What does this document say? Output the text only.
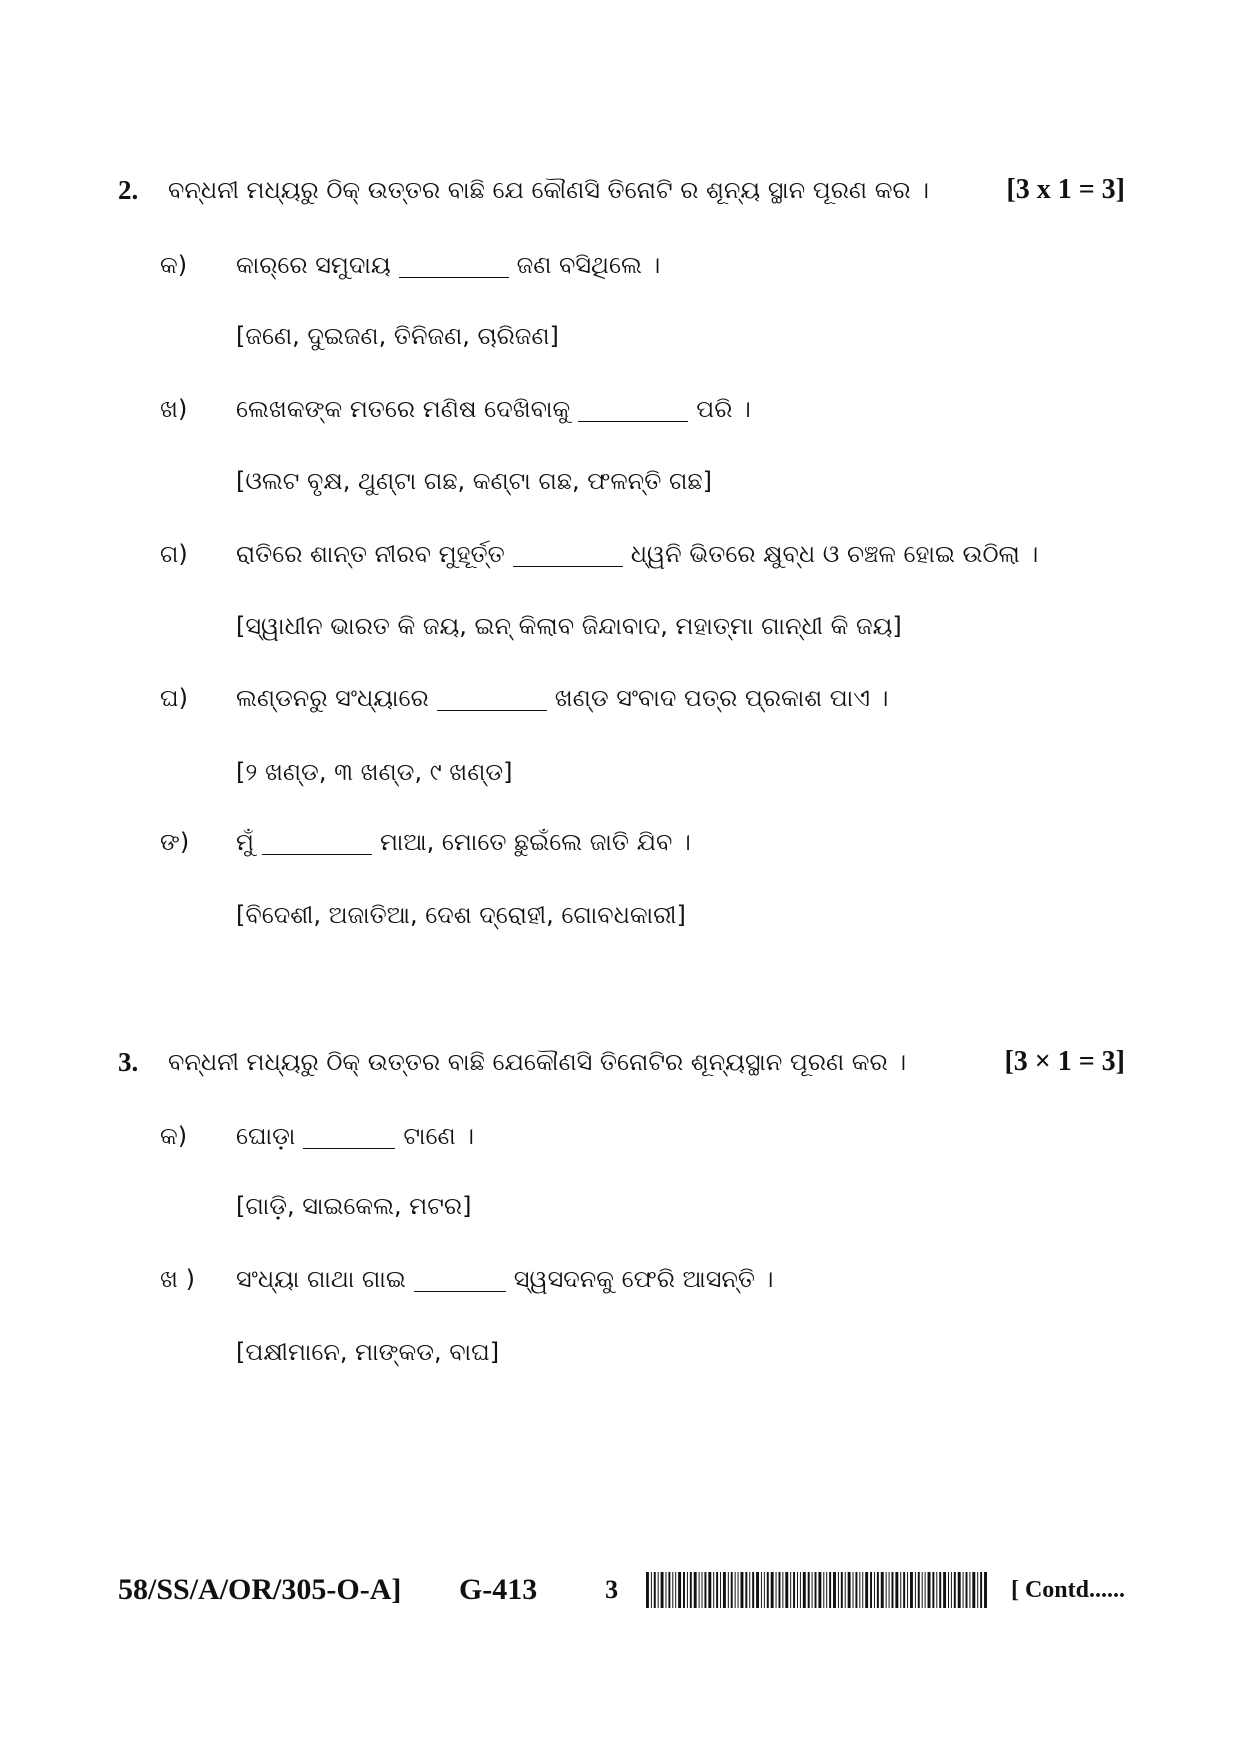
2.	ବନ୍ଧନୀ ମଧ୍ୟରୁ ଠିକ୍ ଉତ୍ତର ବାଛି ଯେ କୌଣସି ତିନୋଟି ର ଶୂନ୍ୟ ସ୍ଥାନ ପୂରଣ କର ।	[3 x 1 = 3]
କ)	କାର୍‌ରେ ସମୁଦାୟ	ଜଣ ବସିଥିଲେ ।
[ଜଣେ, ଦୁଇଜଣ, ତିନିଜଣ, ଚାରିଜଣ]
ଖ)	ଲେଖକଙ୍କ ମତରେ ମଣିଷ ଦେଖିବାକୁ	ପରି ।
[ଓଲଟ ବୃକ୍ଷ, ଥୁଣ୍ଟା ଗଛ, କଣ୍ଟା ଗଛ, ଫଳନ୍ତି ଗଛ]
ଗ)	ରାତିରେ ଶାନ୍ତ ନୀରବ ମୁହୂର୍ତ୍ତ	ଧ୍ୱନି ଭିତରେ କ୍ଷୁବ୍ଧ ଓ ଚଞ୍ଚଳ ହୋଇ ଉଠିଲା ।
[ସ୍ୱାଧୀନ ଭାରତ କି ଜୟ, ଇନ୍ କିଲାବ ଜିନ୍ଦାବାଦ, ମହାତ୍ମା ଗାନ୍ଧୀ କି ଜୟ]
ଘ)	ଲଣ୍ଡନରୁ ସଂଧ୍ୟାରେ	ଖଣ୍ଡ ସଂବାଦ ପତ୍ର ପ୍ରକାଶ ପାଏ ।
[୨ ଖଣ୍ଡ, ୩ ଖଣ୍ଡ, ୯ ଖଣ୍ଡ]
ଙ)	ମୁଁ	ମାଆ, ମୋତେ ଛୁଇଁଲେ ଜାତି ଯିବ ।
[ବିଦେଶୀ, ଅଜାତିଆ, ଦେଶ ଦ୍ରୋହୀ, ଗୋବଧକାରୀ]
3.	ବନ୍ଧନୀ ମଧ୍ୟରୁ ଠିକ୍ ଉତ୍ତର ବାଛି ଯେକୌଣସି ତିନୋଟିର ଶୂନ୍ୟସ୍ଥାନ ପୂରଣ କର ।	[3 × 1 = 3]
କ)	ଘୋଡ଼ା	ଟାଣେ ।
[ଗାଡ଼ି, ସାଇକେଲ, ମଟର]
ଖ )	ସଂଧ୍ୟା ଗାଥା ଗାଇ	ସ୍ୱସଦନକୁ ଫେରି ଆସନ୍ତି ।
[ପକ୍ଷୀମାନେ, ମାଙ୍କଡ, ବାଘ]
58/SS/A/OR/305-O-A]	G-413	3	[ Contd......
